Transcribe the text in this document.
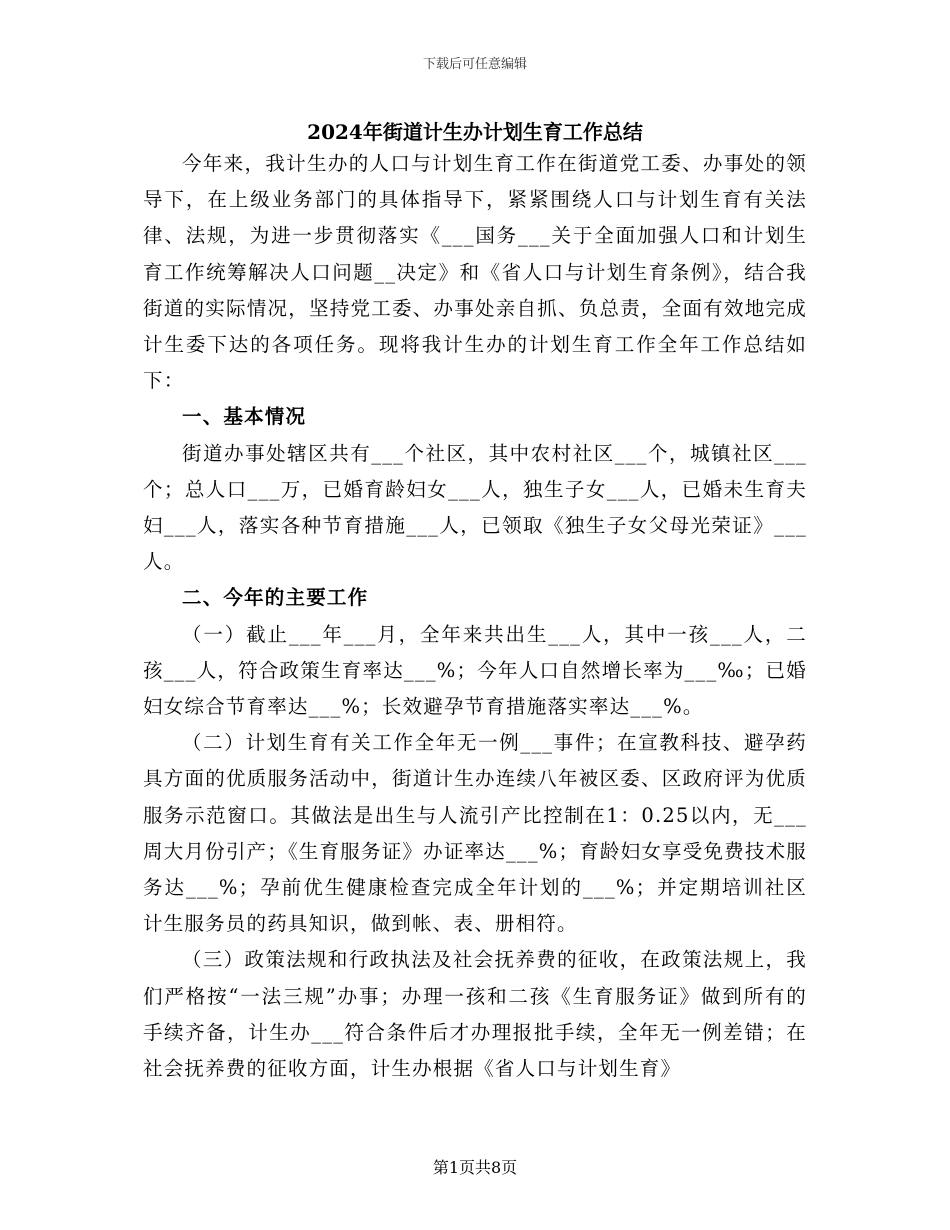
下载后可任意编辑
2024年街道计生办计划生育工作总结

今年来，我计生办的人口与计划生育工作在街道党工委、办事处的领导下，在上级业务部门的具体指导下，紧紧围绕人口与计划生育有关法律、法规，为进一步贯彻落实《___国务___关于全面加强人口和计划生育工作统筹解决人口问题__决定》和《省人口与计划生育条例》，结合我街道的实际情况，坚持党工委、办事处亲自抓、负总责，全面有效地完成计生委下达的各项任务。现将我计生办的计划生育工作全年工作总结如下：

一、基本情况

街道办事处辖区共有___个社区，其中农村社区___个，城镇社区___个；总人口___万，已婚育龄妇女___人，独生子女___人，已婚未生育夫妇___人，落实各种节育措施___人，已领取《独生子女父母光荣证》___人。

二、今年的主要工作

（一）截止___年___月，全年来共出生___人，其中一孩___人，二孩___人，符合政策生育率达___%；今年人口自然增长率为___‰；已婚妇女综合节育率达___%；长效避孕节育措施落实率达___%。

（二）计划生育有关工作全年无一例___事件；在宣教科技、避孕药具方面的优质服务活动中，街道计生办连续八年被区委、区政府评为优质服务示范窗口。其做法是出生与人流引产比控制在1：0.25以内，无___周大月份引产；《生育服务证》办证率达___%；育龄妇女享受免费技术服务达___%；孕前优生健康检查完成全年计划的___%；并定期培训社区计生服务员的药具知识，做到帐、表、册相符。

（三）政策法规和行政执法及社会抚养费的征收，在政策法规上，我们严格按“一法三规”办事；办理一孩和二孩《生育服务证》做到所有的手续齐备，计生办___符合条件后才办理报批手续，全年无一例差错；在社会抚养费的征收方面，计生办根据《省人口与计划生育》

第1页共8页
